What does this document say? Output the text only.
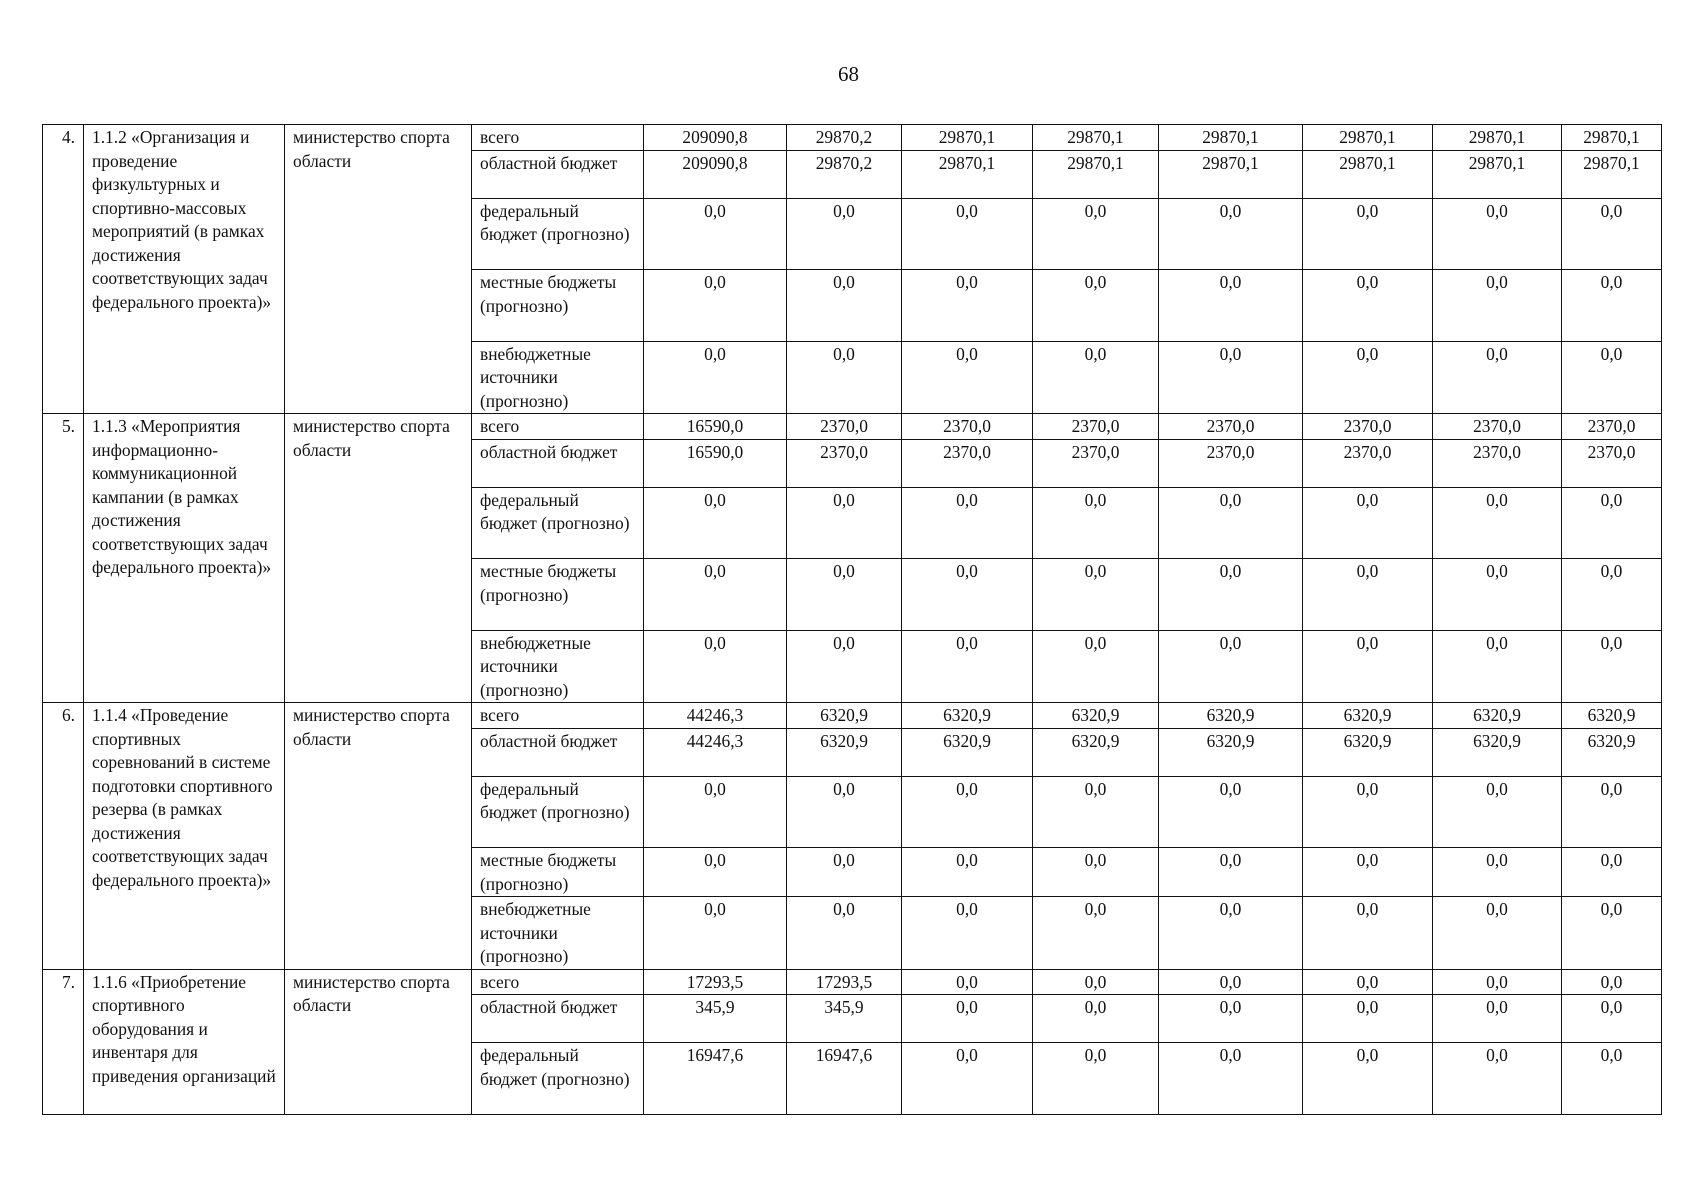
68
4.	1.1.2 «Организация и проведение физкультурных и спортивно-массовых мероприятий (в рамках достижения соответствующих задач федерального проекта)»	министерство спорта области	всего	209090,8	29870,2	29870,1	29870,1	29870,1	29870,1	29870,1	29870,1
			областной бюджет	209090,8	29870,2	29870,1	29870,1	29870,1	29870,1	29870,1	29870,1
			федеральный бюджет (прогнозно)	0,0	0,0	0,0	0,0	0,0	0,0	0,0	0,0
			местные бюджеты (прогнозно)	0,0	0,0	0,0	0,0	0,0	0,0	0,0	0,0
			внебюджетные источники (прогнозно)	0,0	0,0	0,0	0,0	0,0	0,0	0,0	0,0
5.	1.1.3 «Мероприятия информационно-коммуникационной кампании (в рамках достижения соответствующих задач федерального проекта)»	министерство спорта области	всего	16590,0	2370,0	2370,0	2370,0	2370,0	2370,0	2370,0	2370,0
			областной бюджет	16590,0	2370,0	2370,0	2370,0	2370,0	2370,0	2370,0	2370,0
			федеральный бюджет (прогнозно)	0,0	0,0	0,0	0,0	0,0	0,0	0,0	0,0
			местные бюджеты (прогнозно)	0,0	0,0	0,0	0,0	0,0	0,0	0,0	0,0
			внебюджетные источники (прогнозно)	0,0	0,0	0,0	0,0	0,0	0,0	0,0	0,0
6.	1.1.4 «Проведение спортивных соревнований в системе подготовки спортивного резерва (в рамках достижения соответствующих задач федерального проекта)»	министерство спорта области	всего	44246,3	6320,9	6320,9	6320,9	6320,9	6320,9	6320,9	6320,9
			областной бюджет	44246,3	6320,9	6320,9	6320,9	6320,9	6320,9	6320,9	6320,9
			федеральный бюджет (прогнозно)	0,0	0,0	0,0	0,0	0,0	0,0	0,0	0,0
			местные бюджеты (прогнозно)	0,0	0,0	0,0	0,0	0,0	0,0	0,0	0,0
			внебюджетные источники (прогнозно)	0,0	0,0	0,0	0,0	0,0	0,0	0,0	0,0
7.	1.1.6 «Приобретение спортивного оборудования и инвентаря для приведения организаций	министерство спорта области	всего	17293,5	17293,5	0,0	0,0	0,0	0,0	0,0	0,0
			областной бюджет	345,9	345,9	0,0	0,0	0,0	0,0	0,0	0,0
			федеральный бюджет (прогнозно)	16947,6	16947,6	0,0	0,0	0,0	0,0	0,0	0,0
